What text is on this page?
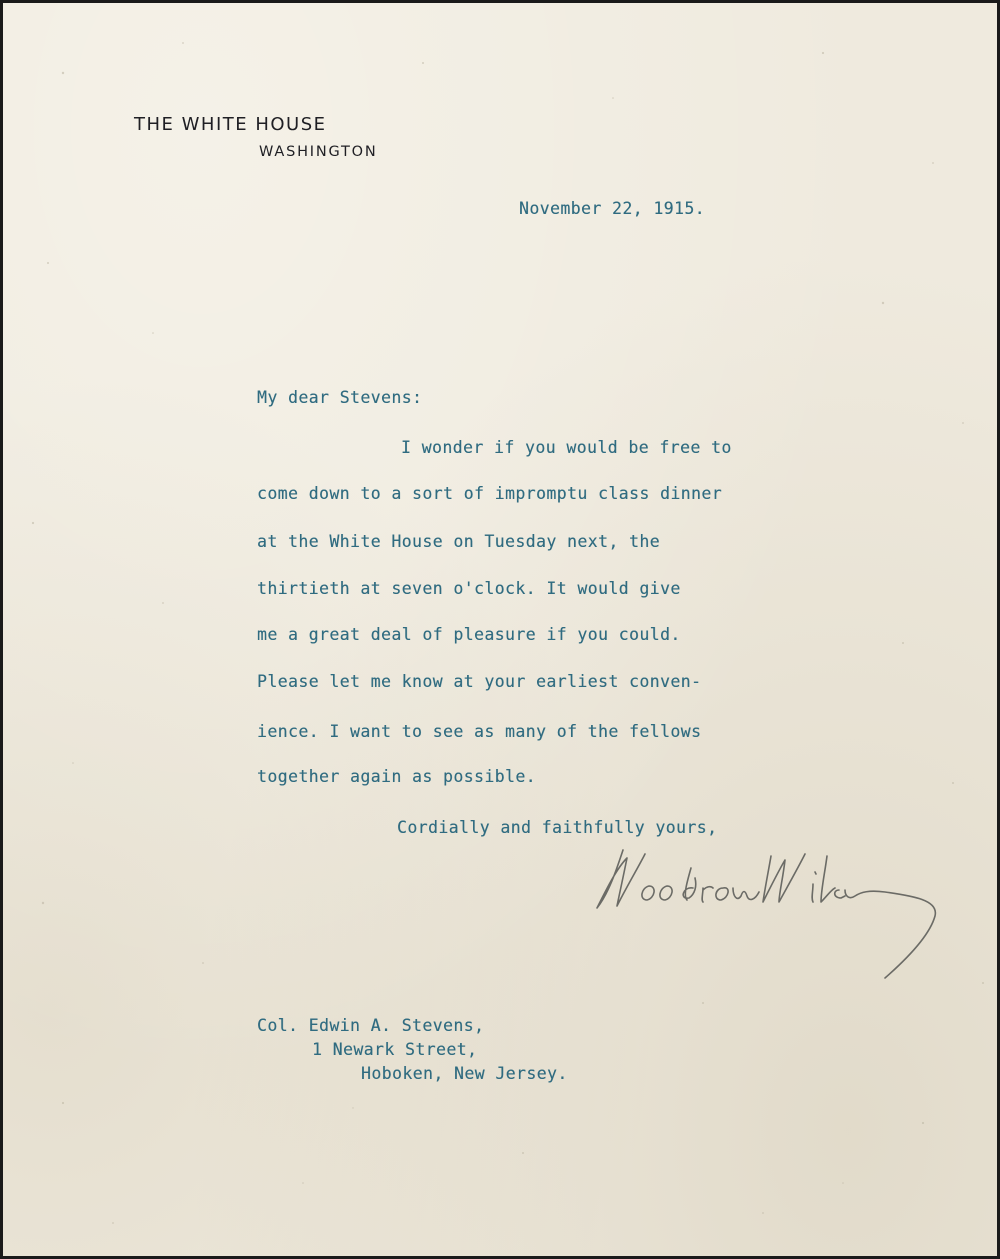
THE WHITE HOUSE
WASHINGTON
November 22, 1915.
My dear Stevens:
I wonder if you would be free to
come down to a sort of impromptu class dinner
at the White House on Tuesday next, the
thirtieth at seven o'clock. It would give
me a great deal of pleasure if you could.
Please let me know at your earliest conven-
ience. I want to see as many of the fellows
together again as possible.
Cordially and faithfully yours,
Col. Edwin A. Stevens,
1 Newark Street,
Hoboken, New Jersey.
